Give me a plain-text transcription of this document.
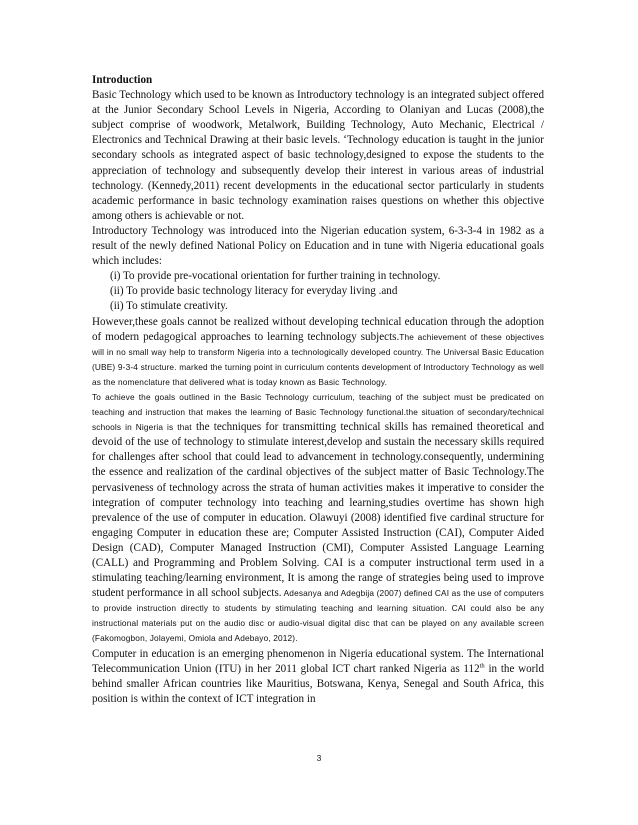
Introduction

Basic Technology which used to be known as Introductory technology is an integrated subject offered at the Junior Secondary School Levels in Nigeria, According to Olaniyan and Lucas (2008),the subject comprise of woodwork, Metalwork, Building Technology, Auto Mechanic, Electrical / Electronics and Technical Drawing at their basic levels. ‘Technology education is taught in the junior secondary schools as integrated aspect of basic technology,designed to expose the students to the appreciation of technology and subsequently develop their interest in various areas of industrial technology. (Kennedy,2011) recent developments in the educational sector particularly in students academic performance in basic technology examination raises questions on whether this objective among others is achievable or not.

Introductory Technology was introduced into the Nigerian education system, 6-3-3-4 in 1982 as a result of the newly defined National Policy on Education and in tune with Nigeria educational goals which includes:

(i) To provide pre-vocational orientation for further training in technology.

(ii) To provide basic technology literacy for everyday living .and

(ii) To stimulate creativity.

However,these goals cannot be realized without developing technical education through the adoption of modern pedagogical approaches to learning technology subjects.The achievement of these objectives will in no small way help to transform Nigeria into a technologically developed country. The Universal Basic Education (UBE) 9-3-4 structure. marked the turning point in curriculum contents development of Introductory Technology as well as the nomenclature that delivered what is today known as Basic Technology.

To achieve the goals outlined in the Basic Technology curriculum, teaching of the subject must be predicated on teaching and instruction that makes the learning of Basic Technology functional.the situation of secondary/technical schools in Nigeria is that the techniques for transmitting technical skills has remained theoretical and devoid of the use of technology to stimulate interest,develop and sustain the necessary skills required for challenges after school that could lead to advancement in technology.consequently, undermining the essence and realization of the cardinal objectives of the subject matter of Basic Technology.The pervasiveness of technology across the strata of human activities makes it imperative to consider the integration of computer technology into teaching and learning,studies overtime has shown high prevalence of the use of computer in education. Olawuyi (2008) identified five cardinal structure for engaging Computer in education these are; Computer Assisted Instruction (CAI), Computer Aided Design (CAD), Computer Managed Instruction (CMI), Computer Assisted Language Learning (CALL) and Programming and Problem Solving. CAI is a computer instructional term used in a stimulating teaching/learning environment, It is among the range of strategies being used to improve student performance in all school subjects. Adesanya and Adegbija (2007) defined CAI as the use of computers to provide instruction directly to students by stimulating teaching and learning situation. CAI could also be any instructional materials put on the audio disc or audio-visual digital disc that can be played on any available screen (Fakomogbon, Jolayemi, Omiola and Adebayo, 2012).

Computer in education is an emerging phenomenon in Nigeria educational system. The International Telecommunication Union (ITU) in her 2011 global ICT chart ranked Nigeria as 112th in the world behind smaller African countries like Mauritius, Botswana, Kenya, Senegal and South Africa, this position is within the context of ICT integration in

3
